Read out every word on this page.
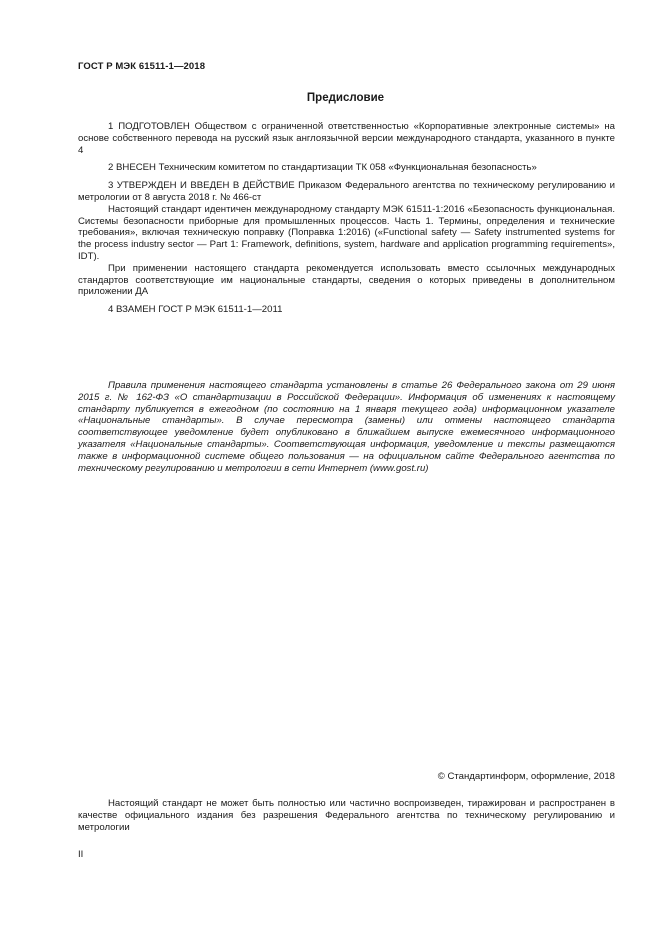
ГОСТ Р МЭК 61511-1—2018
Предисловие

1 ПОДГОТОВЛЕН Обществом с ограниченной ответственностью «Корпоративные электронные системы» на основе собственного перевода на русский язык англоязычной версии международного стандарта, указанного в пункте 4

2 ВНЕСЕН Техническим комитетом по стандартизации ТК 058 «Функциональная безопасность»

3 УТВЕРЖДЕН И ВВЕДЕН В ДЕЙСТВИЕ Приказом Федерального агентства по техническому регулированию и метрологии от 8 августа 2018 г. № 466-ст

Настоящий стандарт идентичен международному стандарту МЭК 61511-1:2016 «Безопасность функциональная. Системы безопасности приборные для промышленных процессов. Часть 1. Термины, определения и технические требования», включая техническую поправку (Поправка 1:2016) («Functional safety — Safety instrumented systems for the process industry sector — Part 1: Framework, definitions, system, hardware and application programming requirements», IDT).

При применении настоящего стандарта рекомендуется использовать вместо ссылочных международных стандартов соответствующие им национальные стандарты, сведения о которых приведены в дополнительном приложении ДА

4 ВЗАМЕН ГОСТ Р МЭК 61511-1—2011

Правила применения настоящего стандарта установлены в статье 26 Федерального закона от 29 июня 2015 г. № 162-ФЗ «О стандартизации в Российской Федерации». Информация об изменениях к настоящему стандарту публикуется в ежегодном (по состоянию на 1 января текущего года) информационном указателе «Национальные стандарты». В случае пересмотра (замены) или отмены настоящего стандарта соответствующее уведомление будет опубликовано в ближайшем выпуске ежемесячного информационного указателя «Национальные стандарты». Соответствующая информация, уведомление и тексты размещаются также в информационной системе общего пользования — на официальном сайте Федерального агентства по техническому регулированию и метрологии в сети Интернет (www.gost.ru)

© Стандартинформ, оформление, 2018

Настоящий стандарт не может быть полностью или частично воспроизведен, тиражирован и распространен в качестве официального издания без разрешения Федерального агентства по техническому регулированию и метрологии

II
